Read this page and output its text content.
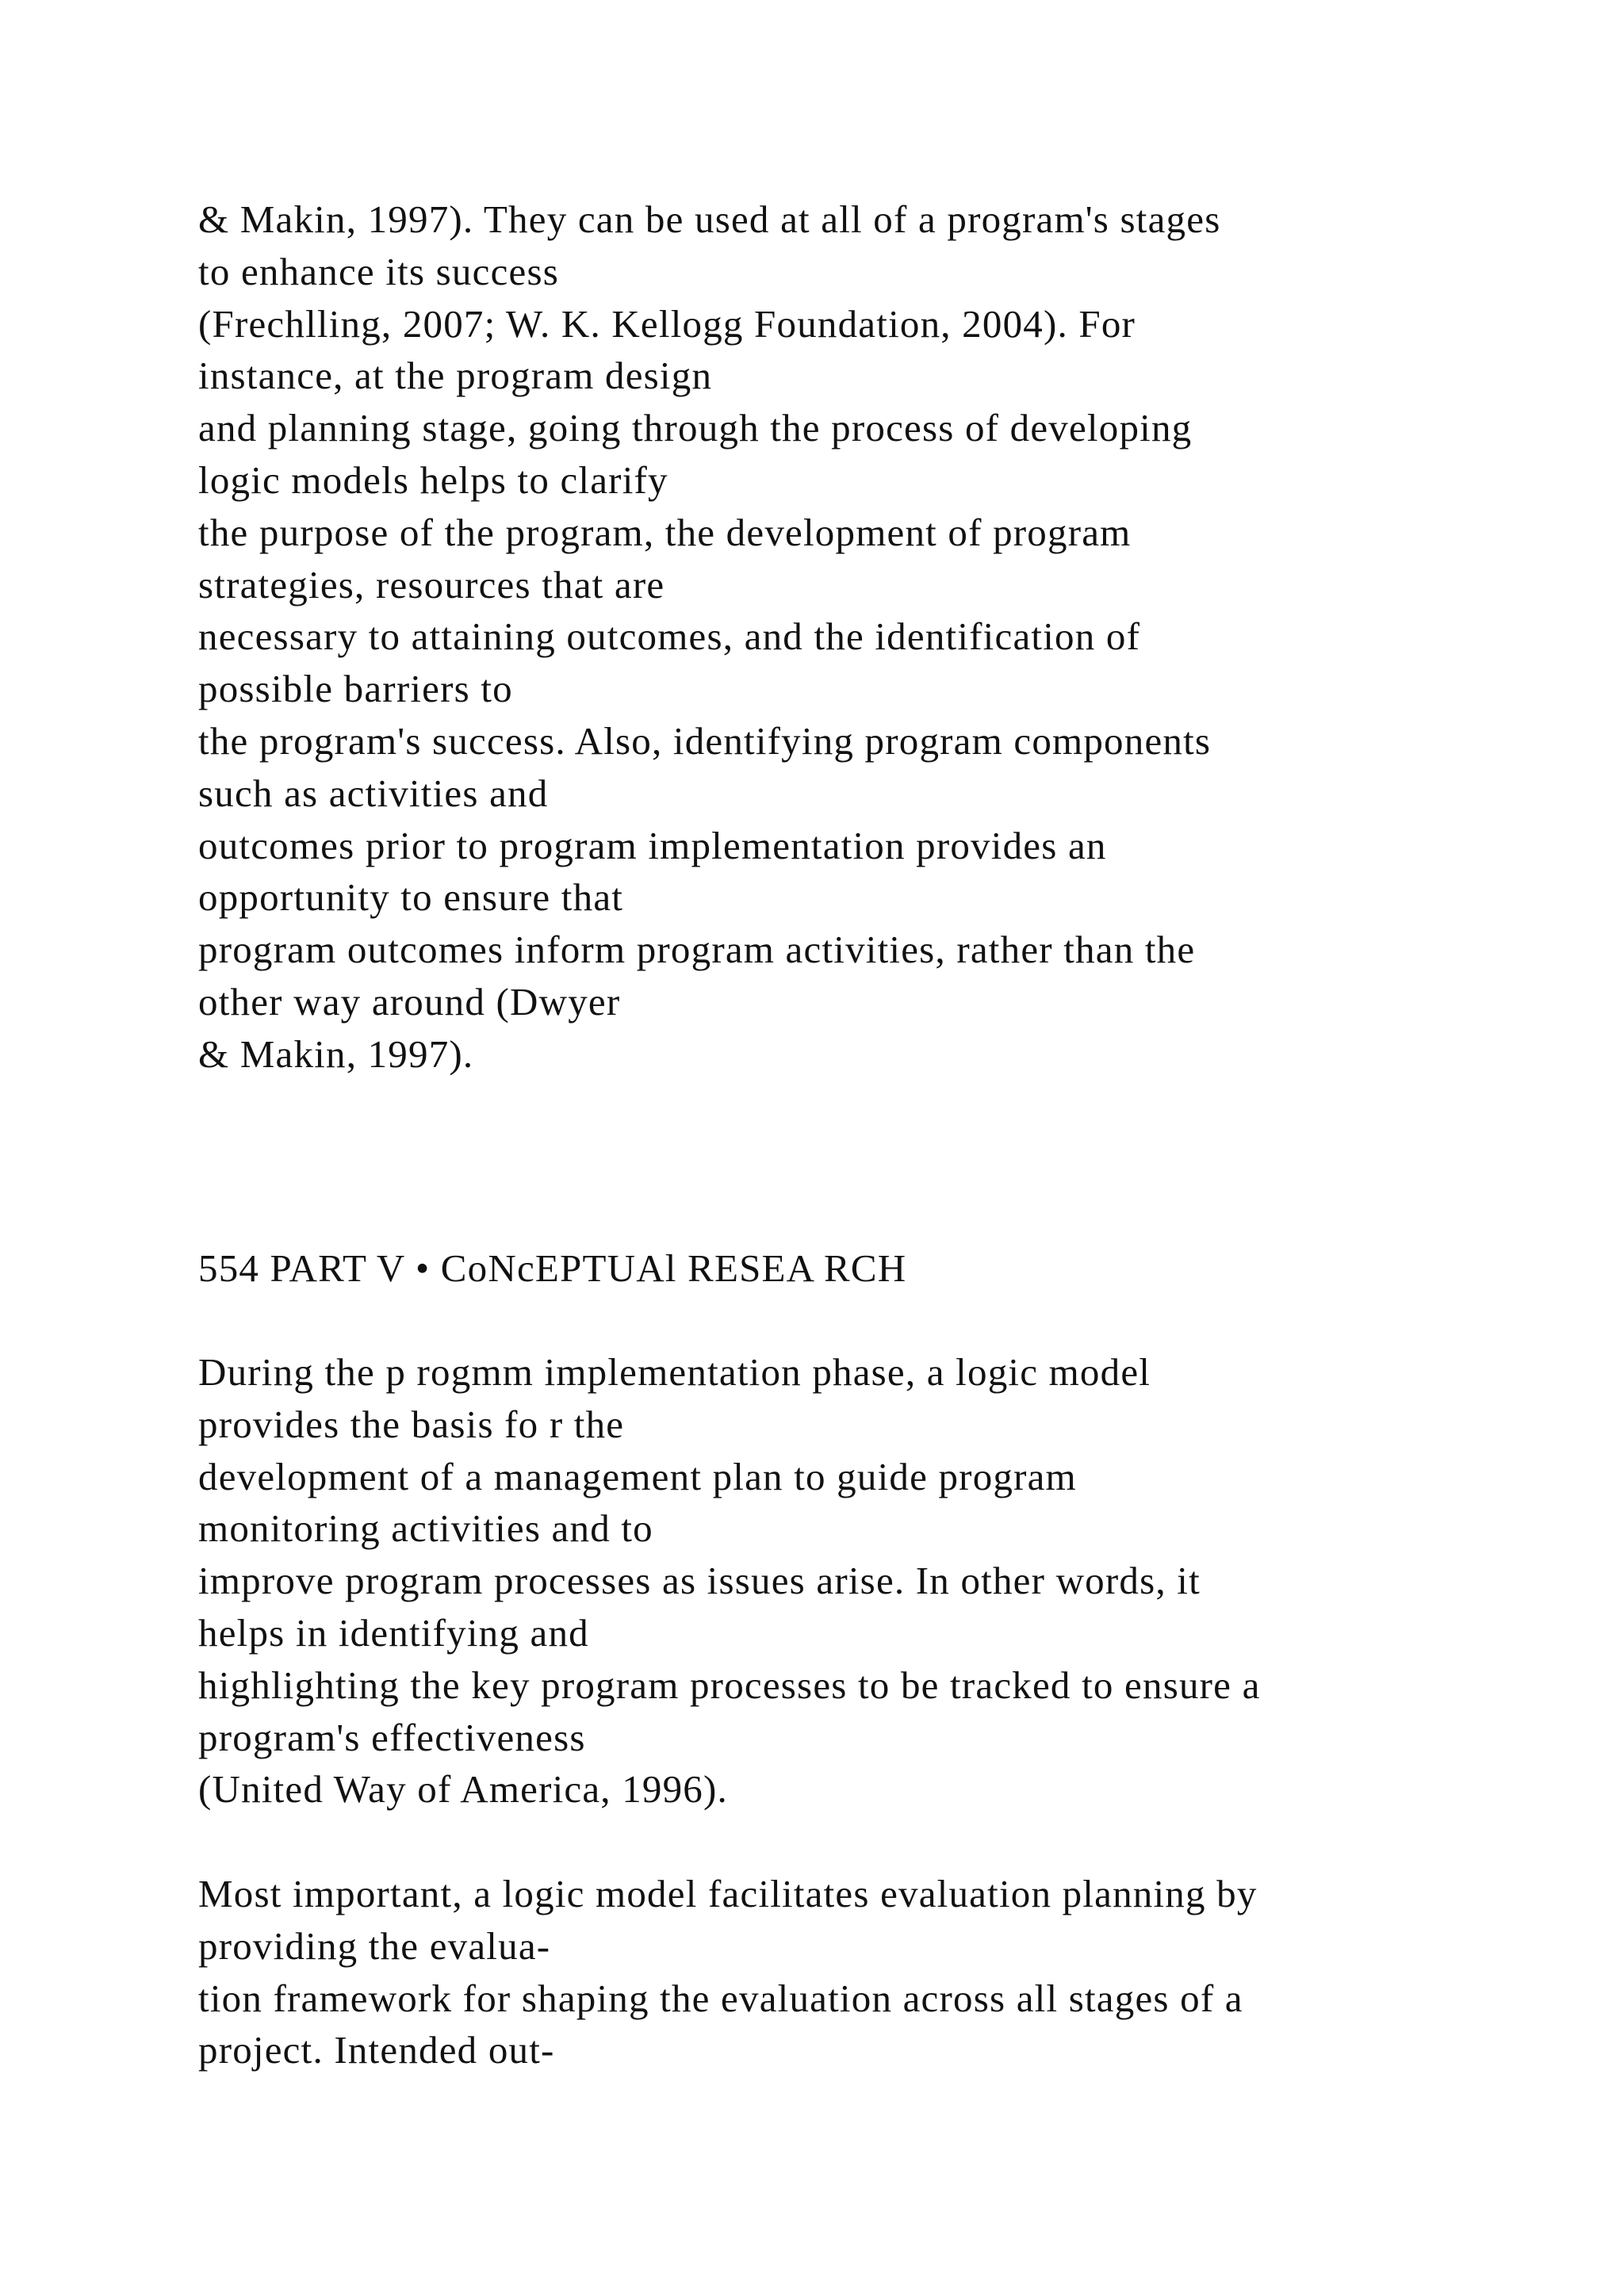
& Makin, 1997). They can be used at all of a program's stages
to enhance its success
(Frechlling, 2007; W. K. Kellogg Foundation, 2004). For
instance, at the program design
and planning stage, going through the process of developing
logic models helps to clarify
the purpose of the program, the development of program
strategies, resources that are
necessary to attaining outcomes, and the identification of
possible barriers to
the program's success. Also, identifying program components
such as activities and
outcomes prior to program implementation provides an
opportunity to ensure that
program outcomes inform program activities, rather than the
other way around (Dwyer
& Makin, 1997).
554 PART V • CoNcEPTUAl RESEA RCH
During the p rogmm implementation phase, a logic model
provides the basis fo r the
development of a management plan to guide program
monitoring activities and to
improve program processes as issues arise. In other words, it
helps in identifying and
highlighting the key program processes to be tracked to ensure a
program's effectiveness
(United Way of America, 1996).
Most important, a logic model facilitates evaluation planning by
providing the evalua-
tion framework for shaping the evaluation across all stages of a
project. Intended out-
